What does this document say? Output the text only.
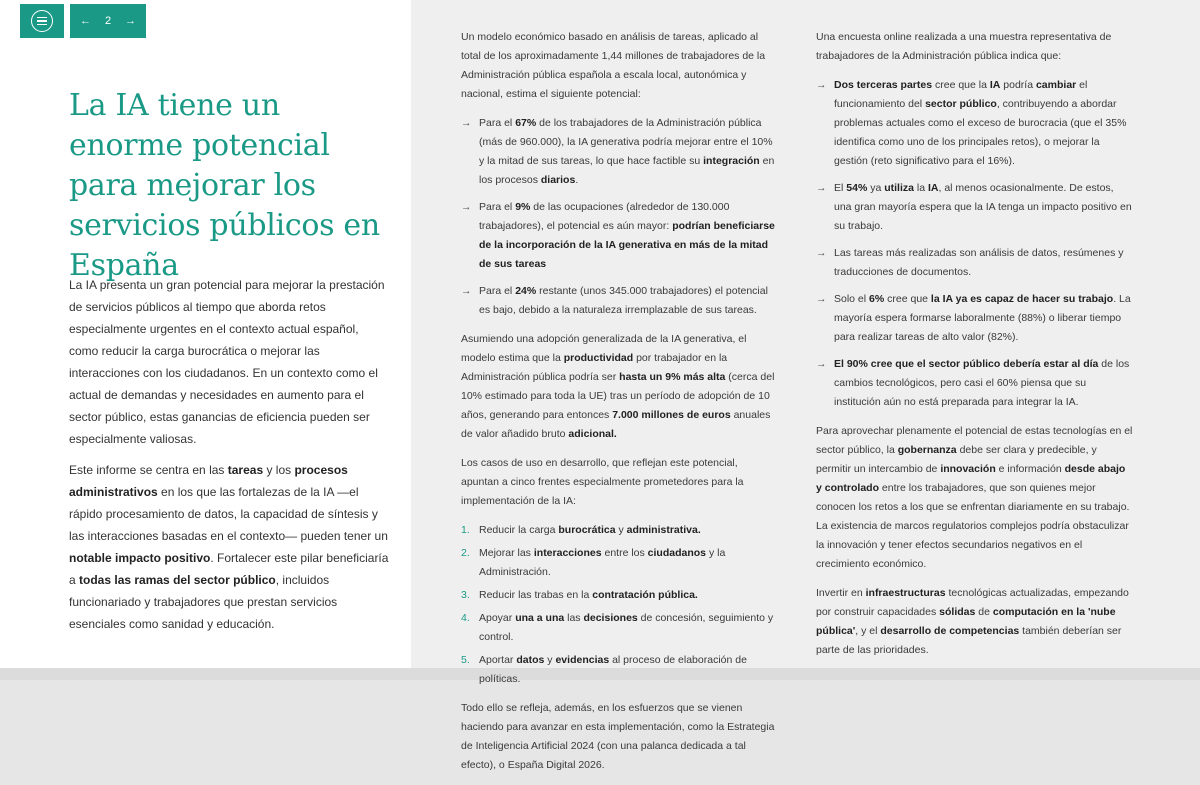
← 2 →
La IA tiene un enorme potencial para mejorar los servicios públicos en España

La IA presenta un gran potencial para mejorar la prestación de servicios públicos al tiempo que aborda retos especialmente urgentes en el contexto actual español, como reducir la carga burocrática o mejorar las interacciones con los ciudadanos. En un contexto como el actual de demandas y necesidades en aumento para el sector público, estas ganancias de eficiencia pueden ser especialmente valiosas.

Este informe se centra en las tareas y los procesos administrativos en los que las fortalezas de la IA —el rápido procesamiento de datos, la capacidad de síntesis y las interacciones basadas en el contexto— pueden tener un notable impacto positivo. Fortalecer este pilar beneficiaría a todas las ramas del sector público, incluidos funcionariado y trabajadores que prestan servicios esenciales como sanidad y educación.

Un modelo económico basado en análisis de tareas, aplicado al total de los aproximadamente 1,44 millones de trabajadores de la Administración pública española a escala local, autonómica y nacional, estima el siguiente potencial:

→ Para el 67% de los trabajadores de la Administración pública (más de 960.000), la IA generativa podría mejorar entre el 10% y la mitad de sus tareas, lo que hace factible su integración en los procesos diarios.
→ Para el 9% de las ocupaciones (alrededor de 130.000 trabajadores), el potencial es aún mayor: podrían beneficiarse de la incorporación de la IA generativa en más de la mitad de sus tareas
→ Para el 24% restante (unos 345.000 trabajadores) el potencial es bajo, debido a la naturaleza irremplazable de sus tareas.

Asumiendo una adopción generalizada de la IA generativa, el modelo estima que la productividad por trabajador en la Administración pública podría ser hasta un 9% más alta (cerca del 10% estimado para toda la UE) tras un período de adopción de 10 años, generando para entonces 7.000 millones de euros anuales de valor añadido bruto adicional.

Los casos de uso en desarrollo, que reflejan este potencial, apuntan a cinco frentes especialmente prometedores para la implementación de la IA:

1. Reducir la carga burocrática y administrativa.
2. Mejorar las interacciones entre los ciudadanos y la Administración.
3. Reducir las trabas en la contratación pública.
4. Apoyar una a una las decisiones de concesión, seguimiento y control.
5. Aportar datos y evidencias al proceso de elaboración de políticas.

Todo ello se refleja, además, en los esfuerzos que se vienen haciendo para avanzar en esta implementación, como la Estrategia de Inteligencia Artificial 2024 (con una palanca dedicada a tal efecto), o España Digital 2026.

Una encuesta online realizada a una muestra representativa de trabajadores de la Administración pública indica que:

→ Dos terceras partes cree que la IA podría cambiar el funcionamiento del sector público, contribuyendo a abordar problemas actuales como el exceso de burocracia (que el 35% identifica como uno de los principales retos), o mejorar la gestión (reto significativo para el 16%).
→ El 54% ya utiliza la IA, al menos ocasionalmente. De estos, una gran mayoría espera que la IA tenga un impacto positivo en su trabajo.
→ Las tareas más realizadas son análisis de datos, resúmenes y traducciones de documentos.
→ Solo el 6% cree que la IA ya es capaz de hacer su trabajo. La mayoría espera formarse laboralmente (88%) o liberar tiempo para realizar tareas de alto valor (82%).
→ El 90% cree que el sector público debería estar al día de los cambios tecnológicos, pero casi el 60% piensa que su institución aún no está preparada para integrar la IA.

Para aprovechar plenamente el potencial de estas tecnologías en el sector público, la gobernanza debe ser clara y predecible, y permitir un intercambio de innovación e información desde abajo y controlado entre los trabajadores, que son quienes mejor conocen los retos a los que se enfrentan diariamente en su trabajo. La existencia de marcos regulatorios complejos podría obstaculizar la innovación y tener efectos secundarios negativos en el crecimiento económico.

Invertir en infraestructuras tecnológicas actualizadas, empezando por construir capacidades sólidas de computación en la 'nube pública', y el desarrollo de competencias también deberían ser parte de las prioridades.
